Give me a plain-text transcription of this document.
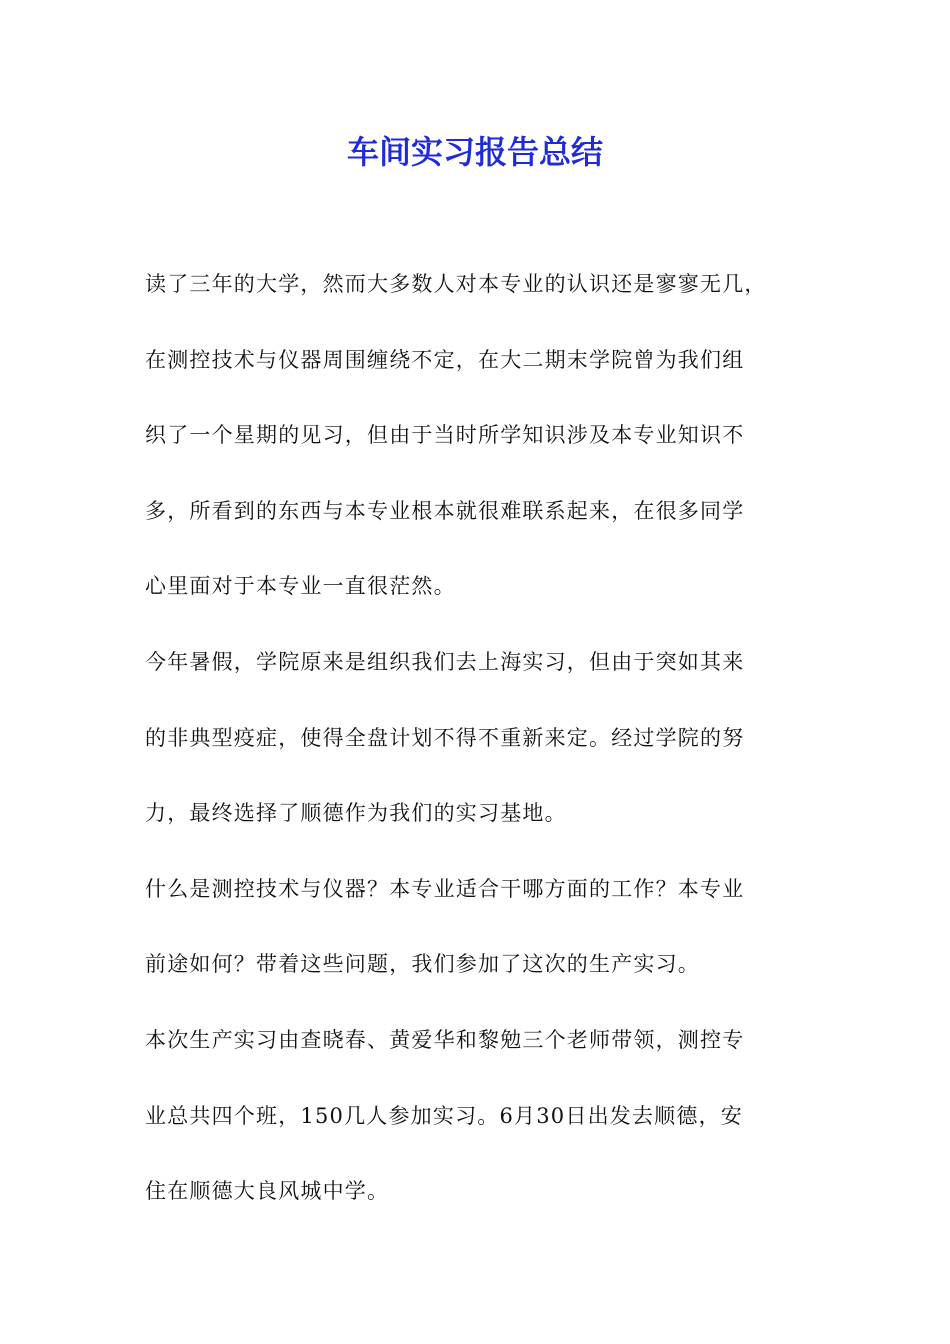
车间实习报告总结
读了三年的大学，然而大多数人对本专业的认识还是寥寥无几，
在测控技术与仪器周围缠绕不定，在大二期末学院曾为我们组
织了一个星期的见习，但由于当时所学知识涉及本专业知识不
多，所看到的东西与本专业根本就很难联系起来，在很多同学
心里面对于本专业一直很茫然。
今年暑假，学院原来是组织我们去上海实习，但由于突如其来
的非典型疫症，使得全盘计划不得不重新来定。经过学院的努
力，最终选择了顺德作为我们的实习基地。
什么是测控技术与仪器？本专业适合干哪方面的工作？本专业
前途如何？带着这些问题，我们参加了这次的生产实习。
本次生产实习由查晓春、黄爱华和黎勉三个老师带领，测控专
业总共四个班，150几人参加实习。6月30日出发去顺德，安
住在顺德大良风城中学。
